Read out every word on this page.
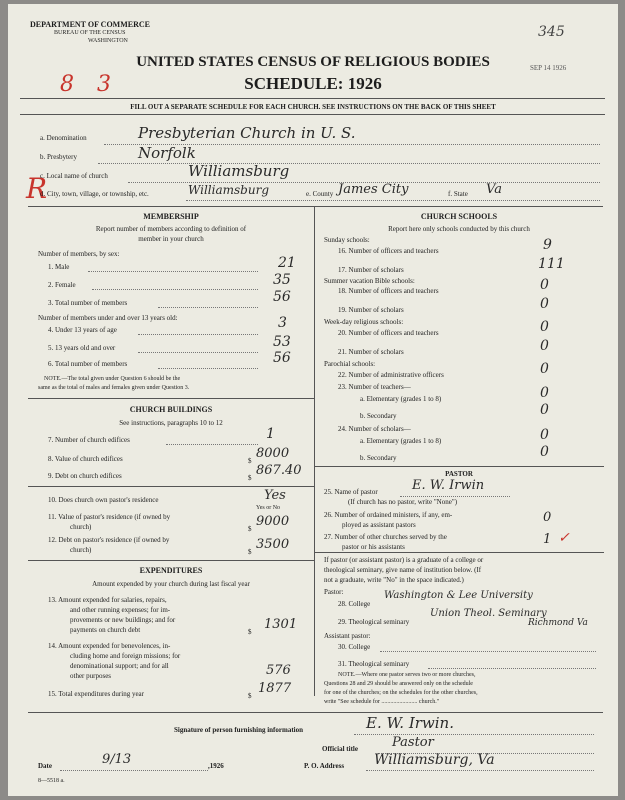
DEPARTMENT OF COMMERCE
BUREAU OF THE CENSUS
WASHINGTON
345
SEP 14 1926
8 3
R
UNITED STATES CENSUS OF RELIGIOUS BODIES
SCHEDULE: 1926
FILL OUT A SEPARATE SCHEDULE FOR EACH CHURCH. SEE INSTRUCTIONS ON THE BACK OF THIS SHEET
a. Denomination	Presbyterian Church in U. S.
b. Presbytery	Norfolk
c. Local name of church	Williamsburg
d. City, town, village, or township, etc.	Williamsburg	e. County James City	f. State Va
MEMBERSHIP
Report number of members according to definition of
member in your church
Number of members, by sex:
1. Male	21
2. Female	35
3. Total number of members	56
Number of members under and over 13 years old:
4. Under 13 years of age	3
5. 13 years old and over	53
6. Total number of members	56
NOTE.—The total given under Question 6 should be the
same as the total of males and females given under Question 3.
CHURCH BUILDINGS
See instructions, paragraphs 10 to 12
7. Number of church edifices	1
8. Value of church edifices	$ 8000
9. Debt on church edifices	$ 867.40
10. Does church own pastor's residence	Yes
Yes or No
11. Value of pastor's residence (if owned by
church)	$ 9000
12. Debt on pastor's residence (if owned by
church)	$ 3500
EXPENDITURES
Amount expended by your church during last fiscal year
13. Amount expended for salaries, repairs,
and other running expenses; for im-
provements or new buildings; and for
payments on church debt	$ 1301
14. Amount expended for benevolences, in-
cluding home and foreign missions; for
denominational support; and for all
other purposes	576
15. Total expenditures during year	$ 1877
CHURCH SCHOOLS
Report here only schools conducted by this church
Sunday schools:
16. Number of officers and teachers	9
17. Number of scholars	111
Summer vacation Bible schools:
18. Number of officers and teachers	0
19. Number of scholars	0
Week-day religious schools:
20. Number of officers and teachers	0
21. Number of scholars	0
Parochial schools:
22. Number of administrative officers	0
23. Number of teachers—
a. Elementary (grades 1 to 8)	0
b. Secondary	0
24. Number of scholars—
a. Elementary (grades 1 to 8)	0
b. Secondary	0
PASTOR
25. Name of pastor	E. W. Irwin
(If church has no pastor, write "None")
26. Number of ordained ministers, if any, em-
ployed as assistant pastors	0
27. Number of other churches served by the
pastor or his assistants	1 ✓
If pastor (or assistant pastor) is a graduate of a college or
theological seminary, give name of institution below. (If
not a graduate, write "No" in the space indicated.)
Pastor:
28. College
Washington & Lee University
29. Theological seminary
Union Theol. Seminary
Richmond Va
Assistant pastor:
30. College
31. Theological seminary
NOTE.—Where one pastor serves two or more churches,
Questions 28 and 29 should be answered only on the schedule
for one of the churches; on the schedules for the other churches,
write "See schedule for ........................ church."
Signature of person furnishing information	E. W. Irwin.
Official title	Pastor
Date	9/13	,1926	P. O. Address Williamsburg, Va
8—5518 a.
